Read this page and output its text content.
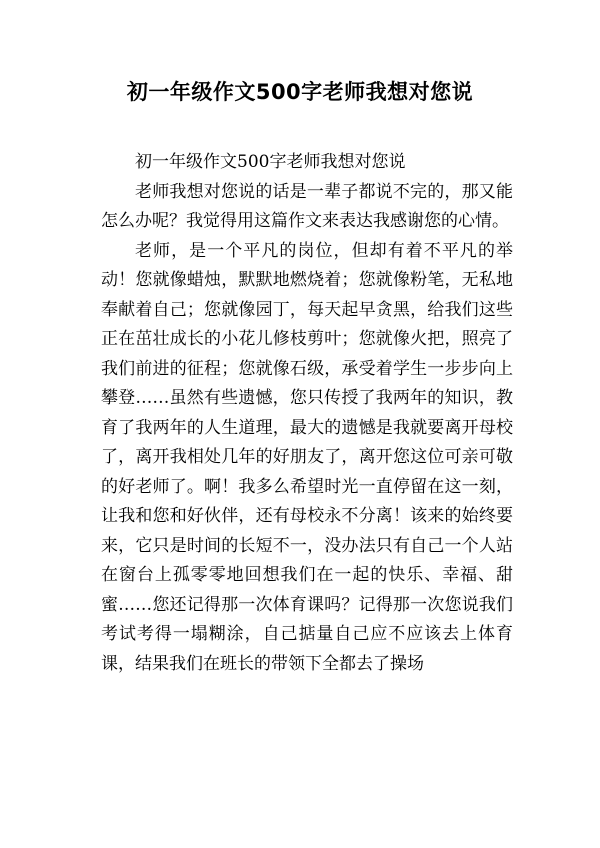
初一年级作文500字老师我想对您说

初一年级作文500字老师我想对您说

老师我想对您说的话是一辈子都说不完的，那又能怎么办呢？我觉得用这篇作文来表达我感谢您的心情。

老师，是一个平凡的岗位，但却有着不平凡的举动！您就像蜡烛，默默地燃烧着；您就像粉笔，无私地奉献着自己；您就像园丁，每天起早贪黑，给我们这些正在茁壮成长的小花儿修枝剪叶；您就像火把，照亮了我们前进的征程；您就像石级，承受着学生一步步向上攀登……虽然有些遗憾，您只传授了我两年的知识，教育了我两年的人生道理，最大的遗憾是我就要离开母校了，离开我相处几年的好朋友了，离开您这位可亲可敬的好老师了。啊！我多么希望时光一直停留在这一刻，让我和您和好伙伴，还有母校永不分离！该来的始终要来，它只是时间的长短不一，没办法只有自己一个人站在窗台上孤零零地回想我们在一起的快乐、幸福、甜蜜……您还记得那一次体育课吗？记得那一次您说我们考试考得一塌糊涂，自己掂量自己应不应该去上体育课，结果我们在班长的带领下全都去了操场
